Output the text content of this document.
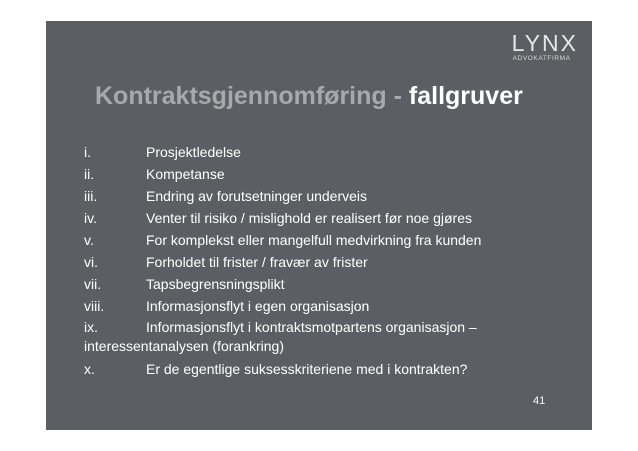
LYNX
ADVOKATFIRMA
Kontraktsgjennomføring - fallgruver
i.	Prosjektledelse
ii.	Kompetanse
iii.	Endring av forutsetninger underveis
iv.	Venter til risiko / mislighold er realisert før noe gjøres
v.	For komplekst eller mangelfull medvirkning fra kunden
vi.	Forholdet til frister / fravær av frister
vii.	Tapsbegrensningsplikt
viii.	Informasjonsflyt i egen organisasjon
ix.	Informasjonsflyt i kontraktsmotpartens organisasjon – interessentanalysen (forankring)
x.	Er de egentlige suksesskriteriene med i kontrakten?
41
